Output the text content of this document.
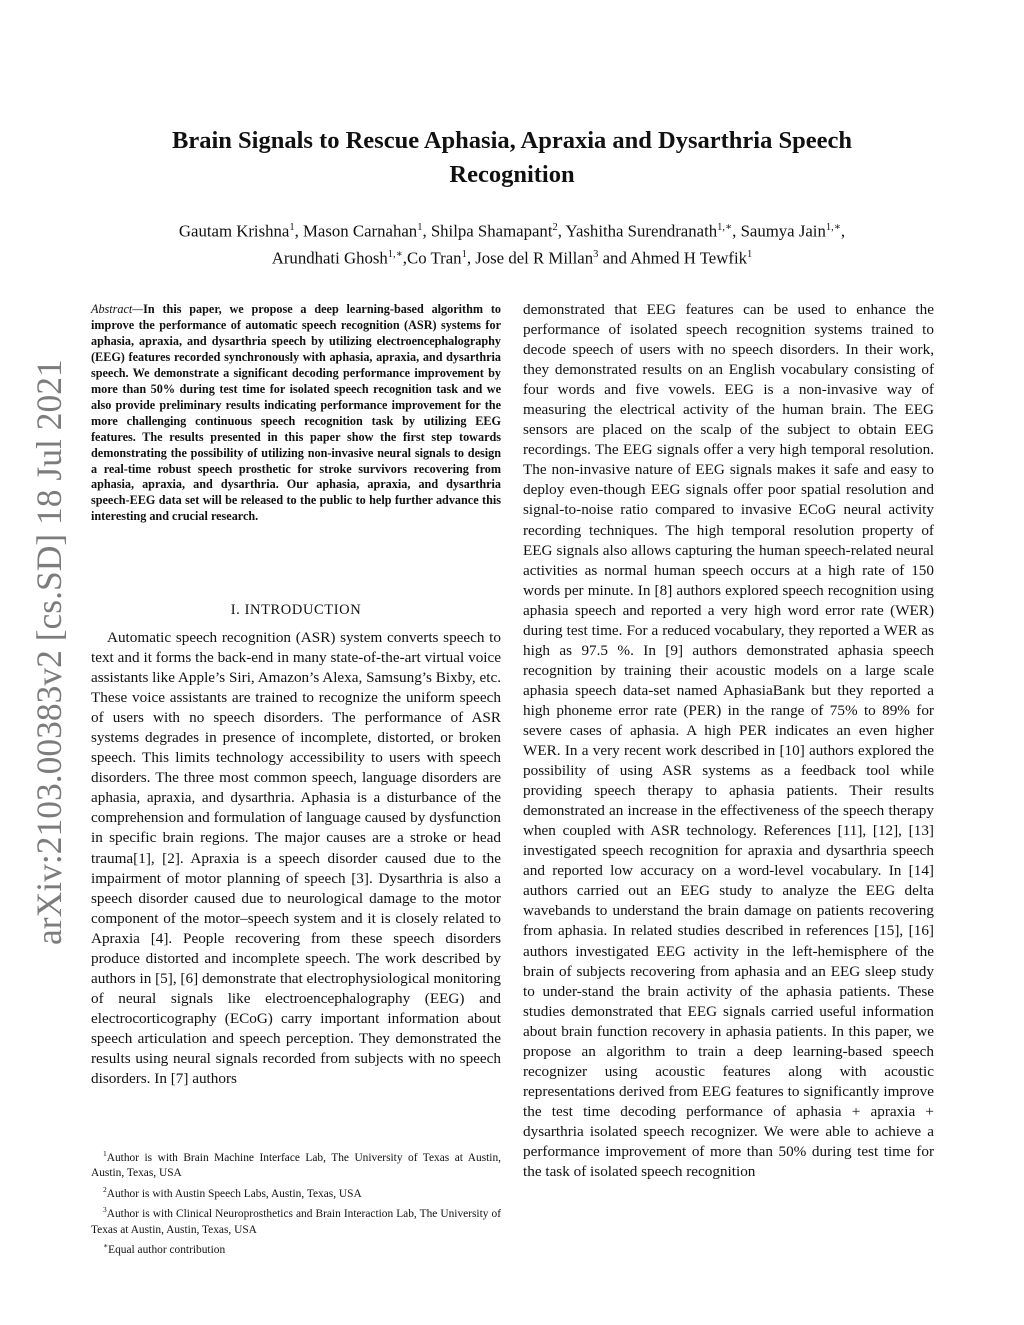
arXiv:2103.00383v2 [cs.SD] 18 Jul 2021
Brain Signals to Rescue Aphasia, Apraxia and Dysarthria Speech Recognition
Gautam Krishna$^1$, Mason Carnahan$^1$, Shilpa Shamapant$^2$, Yashitha Surendranath$^{1,∗}$, Saumya Jain$^{1,∗}$,
Arundhati Ghosh$^{1,∗}$,Co Tran$^1$, Jose del R Millan$^3$ and Ahmed H Tewfik$^1$
Abstract—In this paper, we propose a deep learning-based algorithm to improve the performance of automatic speech recognition (ASR) systems for aphasia, apraxia, and dysarthria speech by utilizing electroencephalography (EEG) features recorded synchronously with aphasia, apraxia, and dysarthria speech. We demonstrate a significant decoding performance improvement by more than 50% during test time for isolated speech recognition task and we also provide preliminary results indicating performance improvement for the more challenging continuous speech recognition task by utilizing EEG features. The results presented in this paper show the first step towards demonstrating the possibility of utilizing non-invasive neural signals to design a real-time robust speech prosthetic for stroke survivors recovering from aphasia, apraxia, and dysarthria. Our aphasia, apraxia, and dysarthria speech-EEG data set will be released to the public to help further advance this interesting and crucial research.
I. INTRODUCTION

Automatic speech recognition (ASR) system converts speech to text and it forms the back-end in many state-of-the-art virtual voice assistants like Apple’s Siri, Amazon’s Alexa, Samsung’s Bixby, etc. These voice assistants are trained to recognize the uniform speech of users with no speech disorders. The performance of ASR systems degrades in presence of incomplete, distorted, or broken speech. This limits technology accessibility to users with speech disorders. The three most common speech, language disorders are aphasia, apraxia, and dysarthria. Aphasia is a disturbance of the comprehension and formulation of language caused by dysfunction in specific brain regions. The major causes are a stroke or head trauma[1], [2]. Apraxia is a speech disorder caused due to the impairment of motor planning of speech [3]. Dysarthria is also a speech disorder caused due to neurological damage to the motor component of the motor–speech system and it is closely related to Apraxia [4]. People recovering from these speech disorders produce distorted and incomplete speech. The work described by authors in [5], [6] demonstrate that electrophysiological monitoring of neural signals like electroencephalography (EEG) and electrocorticography (ECoG) carry important information about speech articulation and speech perception. They demonstrated the results using neural signals recorded from subjects with no speech disorders. In [7] authors

$^1$Author is with Brain Machine Interface Lab, The University of Texas at Austin, Austin, Texas, USA

$^2$Author is with Austin Speech Labs, Austin, Texas, USA

$^3$Author is with Clinical Neuroprosthetics and Brain Interaction Lab, The University of Texas at Austin, Austin, Texas, USA

∗Equal author contribution

demonstrated that EEG features can be used to enhance the performance of isolated speech recognition systems trained to decode speech of users with no speech disorders. In their work, they demonstrated results on an English vocabulary consisting of four words and five vowels. EEG is a non-invasive way of measuring the electrical activity of the human brain. The EEG sensors are placed on the scalp of the subject to obtain EEG recordings. The EEG signals offer a very high temporal resolution. The non-invasive nature of EEG signals makes it safe and easy to deploy even-though EEG signals offer poor spatial resolution and signal-to-noise ratio compared to invasive ECoG neural activity recording techniques. The high temporal resolution property of EEG signals also allows capturing the human speech-related neural activities as normal human speech occurs at a high rate of 150 words per minute. In [8] authors explored speech recognition using aphasia speech and reported a very high word error rate (WER) during test time. For a reduced vocabulary, they reported a WER as high as 97.5 %. In [9] authors demonstrated aphasia speech recognition by training their acoustic models on a large scale aphasia speech data-set named AphasiaBank but they reported a high phoneme error rate (PER) in the range of 75% to 89% for severe cases of aphasia. A high PER indicates an even higher WER. In a very recent work described in [10] authors explored the possibility of using ASR systems as a feedback tool while providing speech therapy to aphasia patients. Their results demonstrated an increase in the effectiveness of the speech therapy when coupled with ASR technology. References [11], [12], [13] investigated speech recognition for apraxia and dysarthria speech and reported low accuracy on a word-level vocabulary. In [14] authors carried out an EEG study to analyze the EEG delta wavebands to understand the brain damage on patients recovering from aphasia. In related studies described in references [15], [16] authors investigated EEG activity in the left-hemisphere of the brain of subjects recovering from aphasia and an EEG sleep study to under-stand the brain activity of the aphasia patients. These studies demonstrated that EEG signals carried useful information about brain function recovery in aphasia patients. In this paper, we propose an algorithm to train a deep learning-based speech recognizer using acoustic features along with acoustic representations derived from EEG features to significantly improve the test time decoding performance of aphasia + apraxia + dysarthria isolated speech recognizer. We were able to achieve a performance improvement of more than 50% during test time for the task of isolated speech recognition
